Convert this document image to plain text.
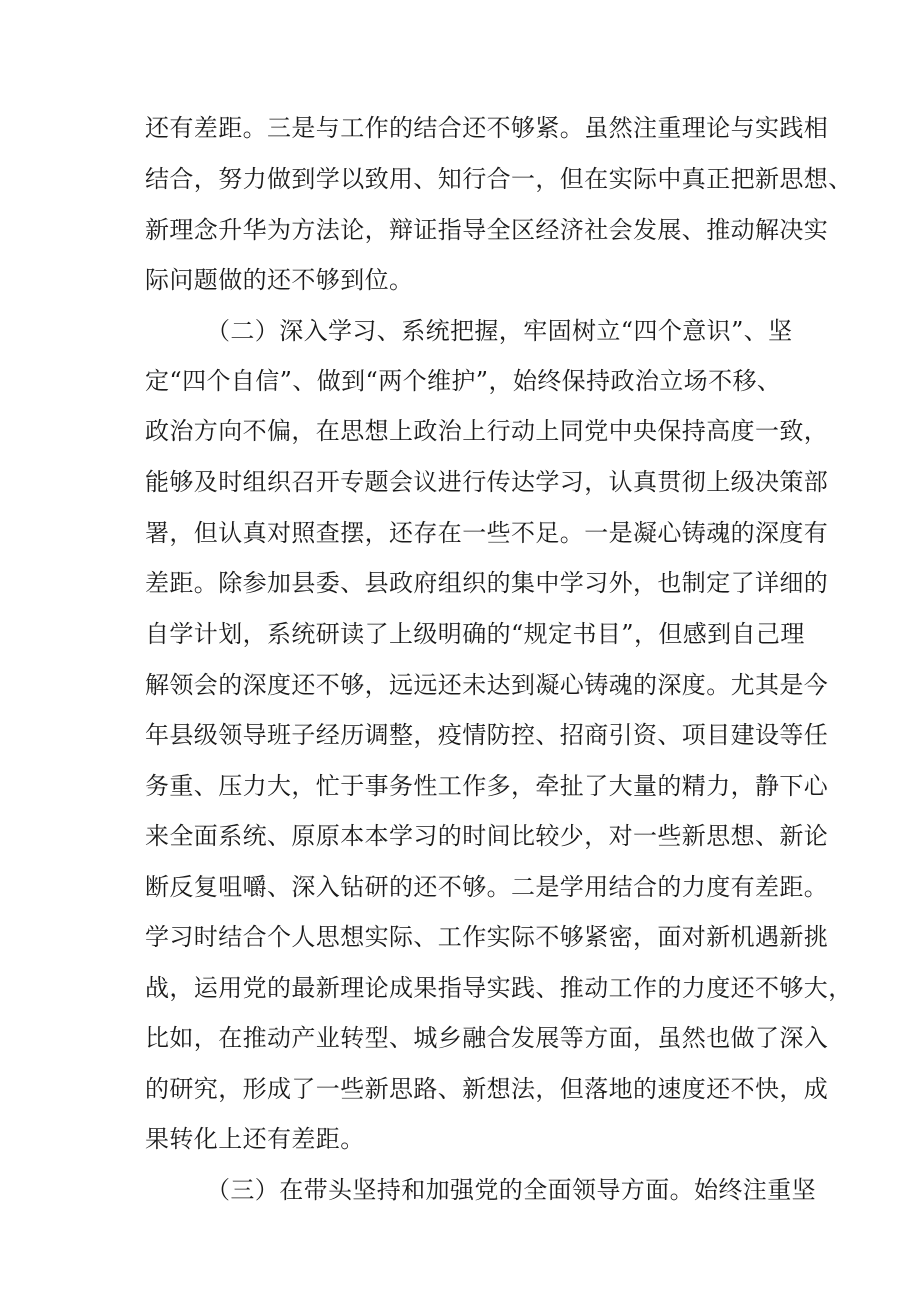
还有差距。三是与工作的结合还不够紧。虽然注重理论与实践相
结合，努力做到学以致用、知行合一，但在实际中真正把新思想、
新理念升华为方法论，辩证指导全区经济社会发展、推动解决实
际问题做的还不够到位。
（二）深入学习、系统把握，牢固树立“四个意识”、坚
定“四个自信”、做到“两个维护”，始终保持政治立场不移、
政治方向不偏，在思想上政治上行动上同党中央保持高度一致，
能够及时组织召开专题会议进行传达学习，认真贯彻上级决策部
署，但认真对照查摆，还存在一些不足。一是凝心铸魂的深度有
差距。除参加县委、县政府组织的集中学习外，也制定了详细的
自学计划，系统研读了上级明确的“规定书目”，但感到自己理
解领会的深度还不够，远远还未达到凝心铸魂的深度。尤其是今
年县级领导班子经历调整，疫情防控、招商引资、项目建设等任
务重、压力大，忙于事务性工作多，牵扯了大量的精力，静下心
来全面系统、原原本本学习的时间比较少，对一些新思想、新论
断反复咀嚼、深入钻研的还不够。二是学用结合的力度有差距。
学习时结合个人思想实际、工作实际不够紧密，面对新机遇新挑
战，运用党的最新理论成果指导实践、推动工作的力度还不够大，
比如，在推动产业转型、城乡融合发展等方面，虽然也做了深入
的研究，形成了一些新思路、新想法，但落地的速度还不快，成
果转化上还有差距。
（三）在带头坚持和加强党的全面领导方面。始终注重坚
